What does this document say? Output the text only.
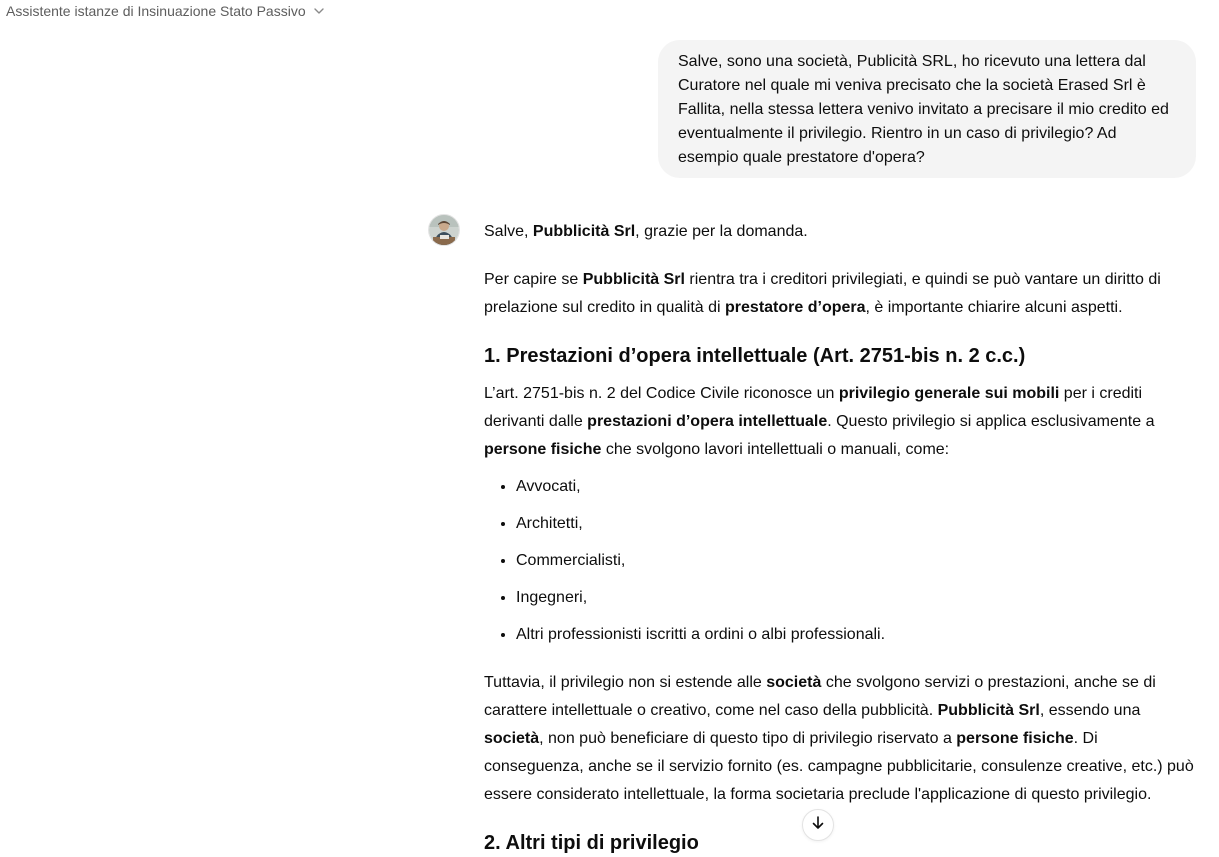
Assistente istanze di Insinuazione Stato Passivo
Salve, sono una società, Publicità SRL, ho ricevuto una lettera dal Curatore nel quale mi veniva precisato che la società Erased Srl è Fallita, nella stessa lettera venivo invitato a precisare il mio credito ed eventualmente il privilegio. Rientro in un caso di privilegio? Ad esempio quale prestatore d'opera?

Salve, Pubblicità Srl, grazie per la domanda.

Per capire se Pubblicità Srl rientra tra i creditori privilegiati, e quindi se può vantare un diritto di prelazione sul credito in qualità di prestatore d’opera, è importante chiarire alcuni aspetti.

1. Prestazioni d’opera intellettuale (Art. 2751-bis n. 2 c.c.)

L’art. 2751-bis n. 2 del Codice Civile riconosce un privilegio generale sui mobili per i crediti derivanti dalle prestazioni d’opera intellettuale. Questo privilegio si applica esclusivamente a persone fisiche che svolgono lavori intellettuali o manuali, come:

• Avvocati,
• Architetti,
• Commercialisti,
• Ingegneri,
• Altri professionisti iscritti a ordini o albi professionali.

Tuttavia, il privilegio non si estende alle società che svolgono servizi o prestazioni, anche se di carattere intellettuale o creativo, come nel caso della pubblicità. Pubblicità Srl, essendo una società, non può beneficiare di questo tipo di privilegio riservato a persone fisiche. Di conseguenza, anche se il servizio fornito (es. campagne pubblicitarie, consulenze creative, etc.) può essere considerato intellettuale, la forma societaria preclude l'applicazione di questo privilegio.

2. Altri tipi di privilegio
